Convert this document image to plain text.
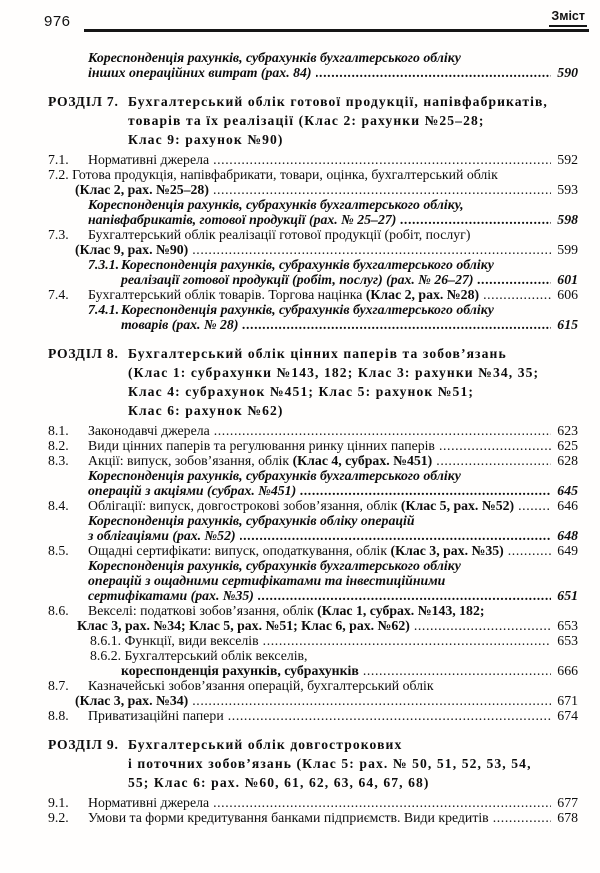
976	Зміст
Кореспонденція рахунків, субрахунків бухгалтерського обліку
інших операційних витрат (рах. 84) .....	590
РОЗДІЛ 7. Бухгалтерський облік готової продукції, напівфабрикатів,
товарів та їх реалізації (Клас 2: рахунки №25–28;
Клас 9: рахунок №90)
7.1. Нормативні джерела .....	592
7.2. Готова продукція, напівфабрикати, товари, оцінка, бухгалтерський облік
(Клас 2, рах. №25–28) .....	593
Кореспонденція рахунків, субрахунків бухгалтерського обліку,
напівфабрикатів, готової продукції (рах. № 25–27) .....	598
7.3. Бухгалтерський облік реалізації готової продукції (робіт, послуг)
(Клас 9, рах. №90) .....	599
7.3.1. Кореспонденція рахунків, субрахунків бухгалтерського обліку
реалізації готової продукції (робіт, послуг) (рах. № 26–27) .....	601
7.4. Бухгалтерський облік товарів. Торгова націнка (Клас 2, рах. №28) .....	606
7.4.1. Кореспонденція рахунків, субрахунків бухгалтерського обліку
товарів (рах. № 28) .....	615
РОЗДІЛ 8. Бухгалтерський облік цінних паперів та зобов’язань
(Клас 1: субрахунки №143, 182; Клас 3: рахунки №34, 35;
Клас 4: субрахунок №451; Клас 5: рахунок №51;
Клас 6: рахунок №62)
8.1. Законодавчі джерела .....	623
8.2. Види цінних паперів та регулювання ринку цінних паперів .....	625
8.3. Акції: випуск, зобов’язання, облік (Клас 4, субрах. №451) .....	628
Кореспонденція рахунків, субрахунків бухгалтерського обліку
операцій з акціями (субрах. №451) .....	645
8.4. Облігації: випуск, довгострокові зобов’язання, облік (Клас 5, рах. №52) .....	646
Кореспонденція рахунків, субрахунків обліку операцій
з облігаціями (рах. №52) .....	648
8.5. Ощадні сертифікати: випуск, оподаткування, облік (Клас 3, рах. №35) .....	649
Кореспонденція рахунків, субрахунків бухгалтерського обліку
операцій з ощадними сертифікатами та інвестиційними
сертифікатами (рах. №35) .....	651
8.6. Векселі: податкові зобов’язання, облік (Клас 1, субрах. №143, 182;
Клас 3, рах. №34; Клас 5, рах. №51; Клас 6, рах. №62) .....	653
8.6.1. Функції, види векселів .....	653
8.6.2. Бухгалтерський облік векселів,
кореспонденція рахунків, субрахунків .....	666
8.7. Казначейські зобов’язання операцій, бухгалтерський облік
(Клас 3, рах. №34) .....	671
8.8. Приватизаційні папери .....	674
РОЗДІЛ 9. Бухгалтерський облік довгострокових
і поточних зобов’язань (Клас 5: рах. № 50, 51, 52, 53, 54,
55; Клас 6: рах. №60, 61, 62, 63, 64, 67, 68)
9.1. Нормативні джерела .....	677
9.2. Умови та форми кредитування банками підприємств. Види кредитів .....	678
